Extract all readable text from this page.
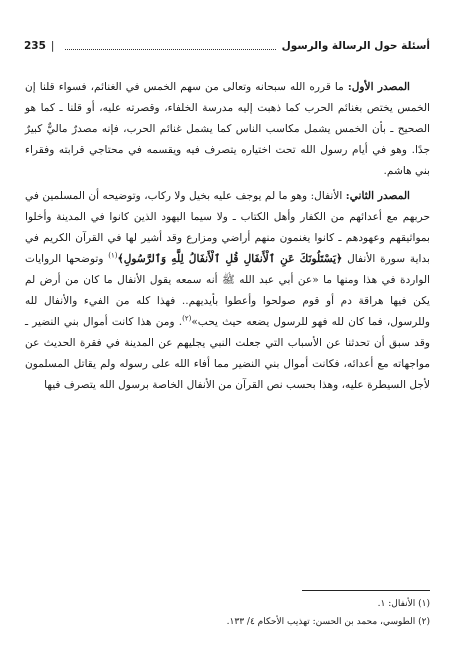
أسئلة حول الرسالة والرسول
|
235

المصدر الأول: ما قرره الله سبحانه وتعالى من سهم الخمس في الغنائم، فسواء قلنا إن الخمس يختص بغنائم الحرب كما ذهبت إليه مدرسة الخلفاء، وقصرته عليه، أو قلنا ـ كما هو الصحيح ـ بأن الخمس يشمل مكاسب الناس كما يشمل غنائم الحرب، فإنه مصدرٌ ماليٌّ كبيرٌ جدًا. وهو في أيام رسول الله تحت اختياره يتصرف فيه ويقسمه في محتاجي قرابته وفقراء بني هاشم.

المصدر الثاني: الأنفال: وهو ما لم يوجف عليه بخيل ولا ركاب، وتوضيحه أن المسلمين في حربهم مع أعدائهم من الكفار وأهل الكتاب ـ ولا سيما اليهود الذين كانوا في المدينة وأخلوا بمواثيقهم وعهودهم ـ كانوا يغنمون منهم أراضي ومزارع وقد أشير لها في القرآن الكريم في بداية سورة الأنفال ﴿يَسْتَلُونَكَ عَنِ ٱلْأَنفَالِ قُلِ ٱلْأَنفَالُ لِلَّهِ وَٱلرَّسُولِ﴾$^{(١)}$ وتوضحها الروايات الواردة في هذا ومنها ما «عن أبي عبد الله ﷺ أنه سمعه يقول الأنفال ما كان من أرض لم يكن فيها هراقة دم أو قوم صولحوا وأعطوا بأيديهم.. فهذا كله من الفيء والأنفال لله وللرسول، فما كان لله فهو للرسول يضعه حيث يحب»$^{(٢)}$. ومن هذا كانت أموال بني النضير ـ وقد سبق أن تحدثنا عن الأسباب التي جعلت النبي يجليهم عن المدينة في فقرة الحديث عن مواجهاته مع أعدائه، فكانت أموال بني النضير مما أفاء الله على رسوله ولم يقاتل المسلمون لأجل السيطرة عليه، وهذا بحسب نص القرآن من الأنفال الخاصة برسول الله يتصرف فيها

(١) الأنفال: ١.
(٢) الطوسي، محمد بن الحسن: تهذيب الأحكام ٤/ ١٣٣.
